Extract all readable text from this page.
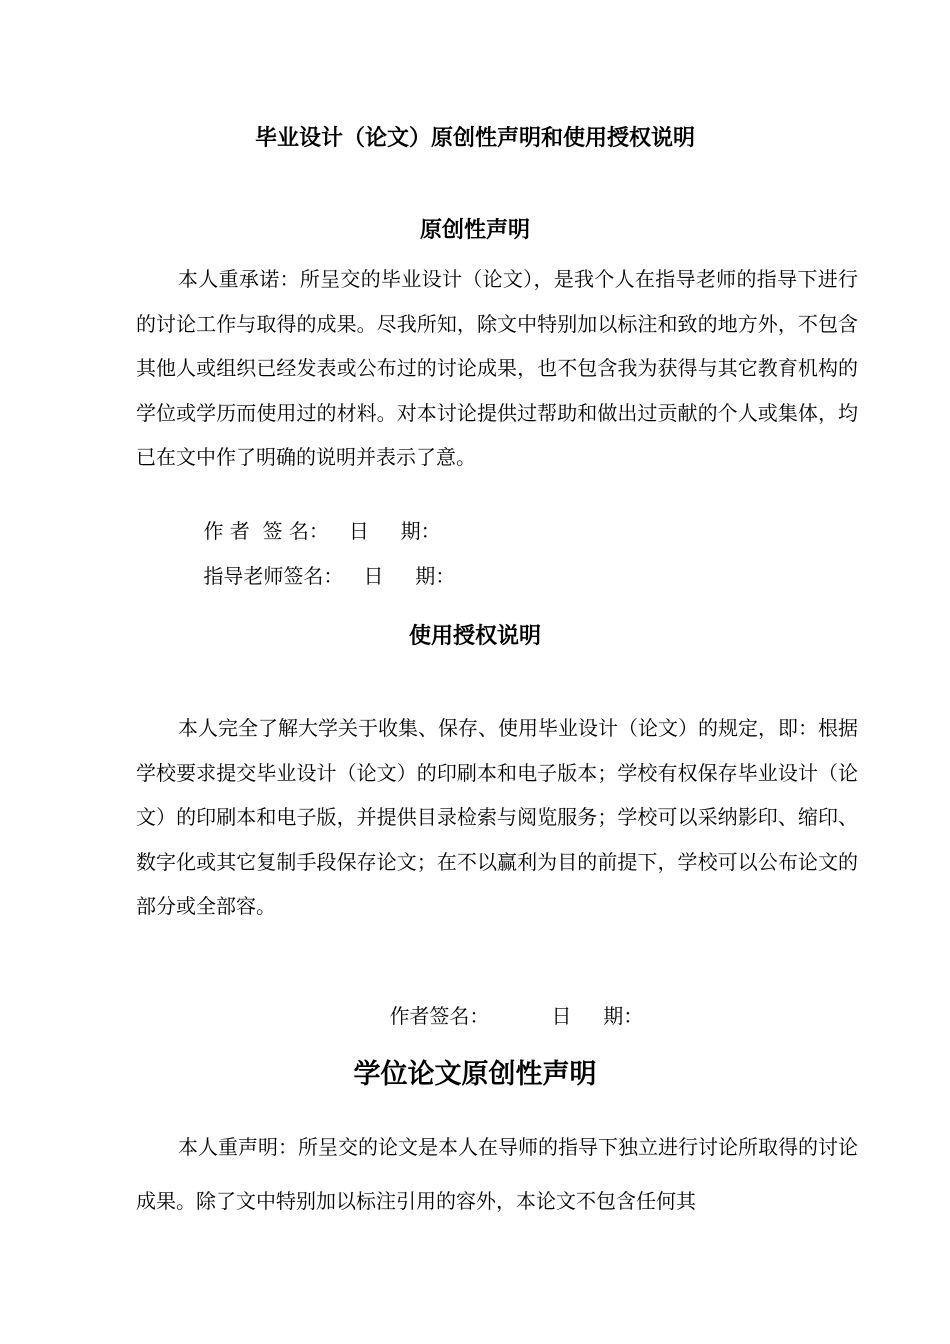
毕业设计（论文）原创性声明和使用授权说明
原创性声明

本人重承诺：所呈交的毕业设计（论文），是我个人在指导老师的指导下进行的讨论工作与取得的成果。尽我所知，除文中特别加以标注和致的地方外，不包含其他人或组织已经发表或公布过的讨论成果，也不包含我为获得与其它教育机构的学位或学历而使用过的材料。对本讨论提供过帮助和做出过贡献的个人或集体，均已在文中作了明确的说明并表示了意。

作 者  签 名： 日     期：

指导老师签名： 日     期：

使用授权说明

本人完全了解大学关于收集、保存、使用毕业设计（论文）的规定，即：根据学校要求提交毕业设计（论文）的印刷本和电子版本；学校有权保存毕业设计（论文）的印刷本和电子版，并提供目录检索与阅览服务；学校可以采纳影印、缩印、数字化或其它复制手段保存论文；在不以赢利为目的前提下，学校可以公布论文的部分或全部容。

作者签名：	日     期：

学位论文原创性声明

本人重声明：所呈交的论文是本人在导师的指导下独立进行讨论所取得的讨论成果。除了文中特别加以标注引用的容外，本论文不包含任何其
